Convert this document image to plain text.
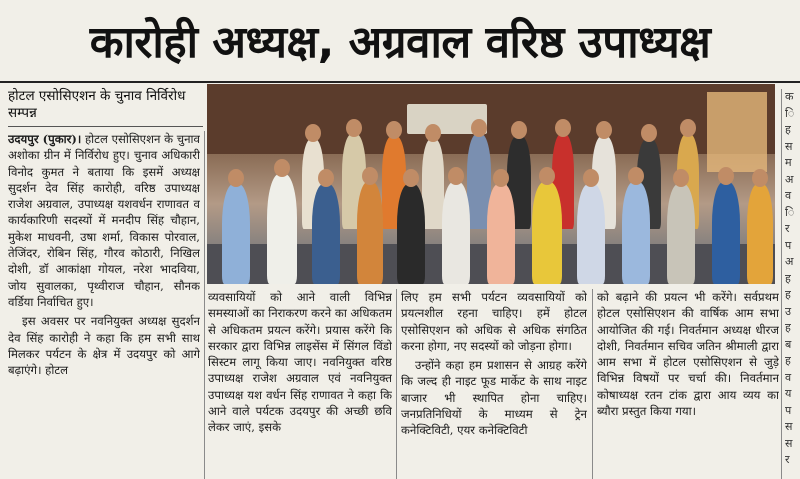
कारोही अध्यक्ष, अग्रवाल वरिष्ठ उपाध्यक्ष
होटल एसोसिएशन के चुनाव निर्विरोध सम्पन्न

उदयपुर (पुकार)। होटल एसोसिएशन के चुनाव अशोका ग्रीन में निर्विरोध हुए। चुनाव अधिकारी विनोद कुमत ने बताया कि इसमें अध्यक्ष सुदर्शन देव सिंह कारोही, वरिष्ठ उपाध्यक्ष राजेश अग्रवाल, उपाध्यक्ष यशवर्धन राणावत व कार्यकारिणी सदस्यों में मनदीप सिंह चौहान, मुकेश माधवनी, उषा शर्मा, विकास पोरवाल, तेजिंदर, रोबिन सिंह, गौरव कोठारी, निखिल दोशी, डॉ आकांक्षा गोयल, नरेश भादविया, जोय सुवालका, पृथ्वीराज चौहान, सौनक वर्डिया निर्वाचित हुए।

इस अवसर पर नवनियुक्त अध्यक्ष सुदर्शन देव सिंह कारोही ने कहा कि हम सभी साथ मिलकर पर्यटन के क्षेत्र में उदयपुर को आगे बढ़ाएंगे। होटल

व्यवसायियों को आने वाली विभिन्न समस्याओं का निराकरण करने का अधिकतम से अधिकतम प्रयत्न करेंगे। प्रयास करेंगे कि सरकार द्वारा विभिन्न लाइसेंस में सिंगल विंडो सिस्टम लागू किया जाए। नवनियुक्त वरिष्ठ उपाध्यक्ष राजेश अग्रवाल एवं नवनियुक्त उपाध्यक्ष यश वर्धन सिंह राणावत ने कहा कि आने वाले पर्यटक उदयपुर की अच्छी छवि लेकर जाएं, इसके

लिए हम सभी पर्यटन व्यवसायियों को प्रयत्नशील रहना चाहिए। हमें होटल एसोसिएशन को अधिक से अधिक संगठित करना होगा, नए सदस्यों को जोड़ना होगा।

उन्होंने कहा हम प्रशासन से आग्रह करेंगे कि जल्द ही नाइट फूड मार्केट के साथ नाइट बाजार भी स्थापित होना चाहिए। जनप्रतिनिधियों के माध्यम से ट्रेन कनेक्टिविटी, एयर कनेक्टिविटी

को बढ़ाने की प्रयत्न भी करेंगे। सर्वप्रथम होटल एसोसिएशन की वार्षिक आम सभा आयोजित की गई। निवर्तमान अध्यक्ष धीरज दोशी, निवर्तमान सचिव जतिन श्रीमाली द्वारा आम सभा में होटल एसोसिएशन से जुड़े विभिन्न विषयों पर चर्चा की। निवर्तमान कोषाध्यक्ष रतन टांक द्वारा आय व्यय का ब्यौरा प्रस्तुत किया गया।

क
ि
ह
स
म
अ
व
ि
र
प
अ
ह
ह
उ
ह
ब
ह
व
य
प
स
स
र
